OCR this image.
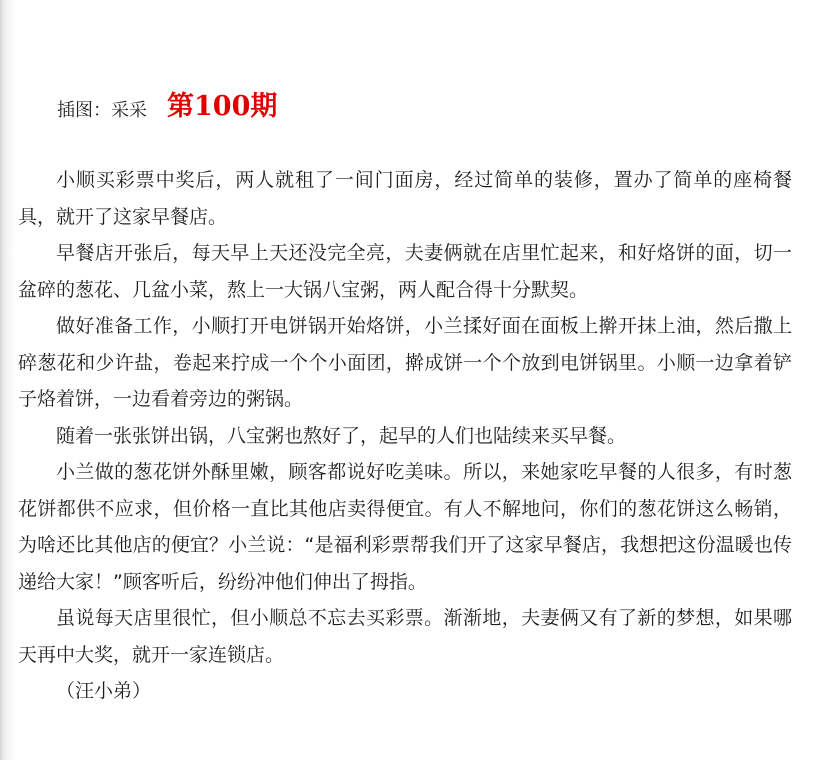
插图：采采 第100期

小顺买彩票中奖后，两人就租了一间门面房，经过简单的装修，置办了简单的座椅餐具，就开了这家早餐店。

早餐店开张后，每天早上天还没完全亮，夫妻俩就在店里忙起来，和好烙饼的面，切一盆碎的葱花、几盆小菜，熬上一大锅八宝粥，两人配合得十分默契。

做好准备工作，小顺打开电饼锅开始烙饼，小兰揉好面在面板上擀开抹上油，然后撒上碎葱花和少许盐，卷起来拧成一个个小面团，擀成饼一个个放到电饼锅里。小顺一边拿着铲子烙着饼，一边看着旁边的粥锅。

随着一张张饼出锅，八宝粥也熬好了，起早的人们也陆续来买早餐。

小兰做的葱花饼外酥里嫩，顾客都说好吃美味。所以，来她家吃早餐的人很多，有时葱花饼都供不应求，但价格一直比其他店卖得便宜。有人不解地问，你们的葱花饼这么畅销，为啥还比其他店的便宜？小兰说：“是福利彩票帮我们开了这家早餐店，我想把这份温暖也传递给大家！”顾客听后，纷纷冲他们伸出了拇指。

虽说每天店里很忙，但小顺总不忘去买彩票。渐渐地，夫妻俩又有了新的梦想，如果哪天再中大奖，就开一家连锁店。

（汪小弟）
